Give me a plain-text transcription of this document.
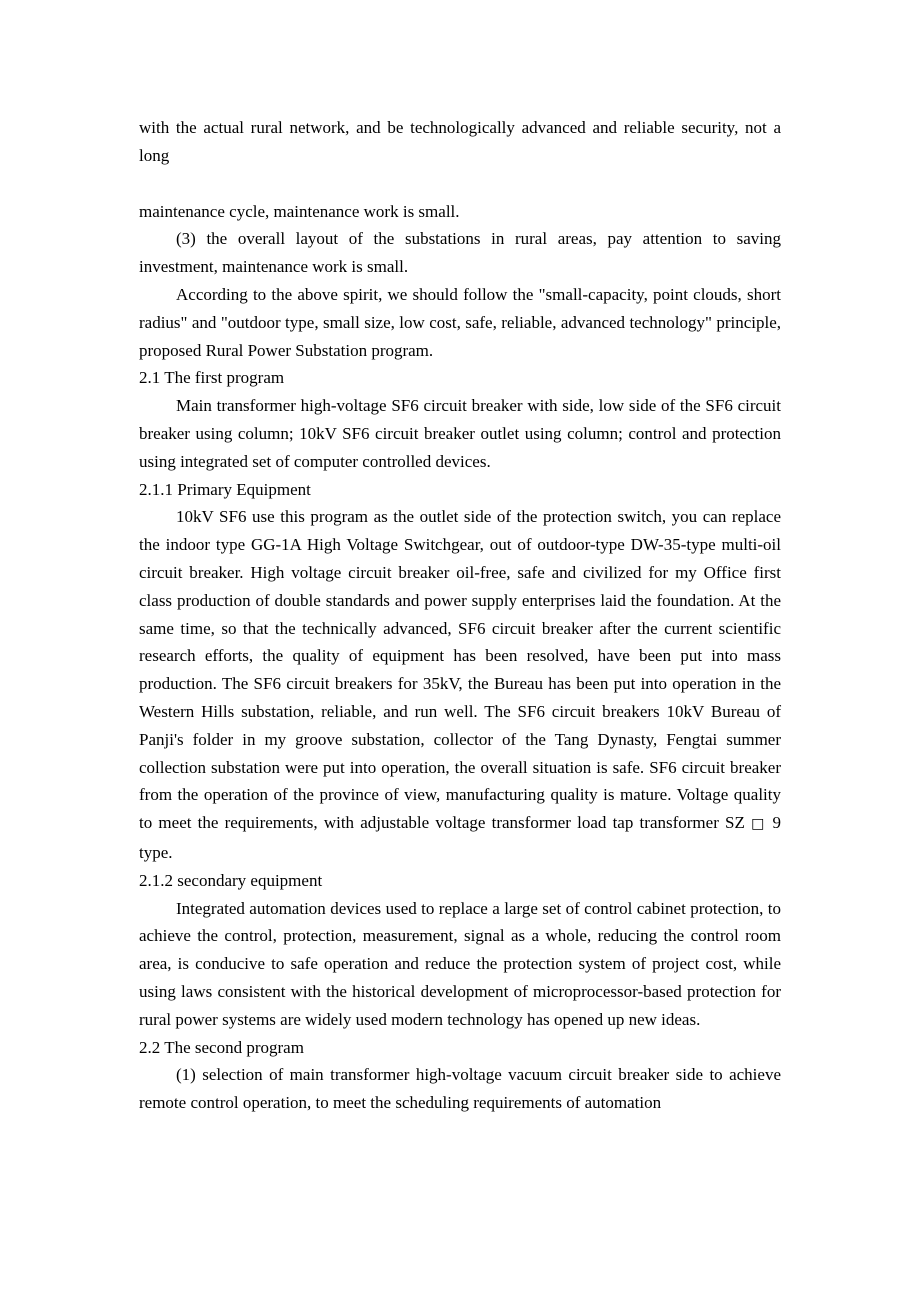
with the actual rural network, and be technologically advanced and reliable security, not a long

maintenance cycle, maintenance work is small.

(3) the overall layout of the substations in rural areas, pay attention to saving investment, maintenance work is small.

According to the above spirit, we should follow the "small-capacity, point clouds, short radius" and "outdoor type, small size, low cost, safe, reliable, advanced technology" principle, proposed Rural Power Substation program.

2.1 The first program

Main transformer high-voltage SF6 circuit breaker with side, low side of the SF6 circuit breaker using column; 10kV SF6 circuit breaker outlet using column; control and protection using integrated set of computer controlled devices.

2.1.1 Primary Equipment

10kV SF6 use this program as the outlet side of the protection switch, you can replace the indoor type GG-1A High Voltage Switchgear, out of outdoor-type DW-35-type multi-oil circuit breaker. High voltage circuit breaker oil-free, safe and civilized for my Office first class production of double standards and power supply enterprises laid the foundation. At the same time, so that the technically advanced, SF6 circuit breaker after the current scientific research efforts, the quality of equipment has been resolved, have been put into mass production. The SF6 circuit breakers for 35kV, the Bureau has been put into operation in the Western Hills substation, reliable, and run well. The SF6 circuit breakers 10kV Bureau of Panji's folder in my groove substation, collector of the Tang Dynasty, Fengtai summer collection substation were put into operation, the overall situation is safe. SF6 circuit breaker from the operation of the province of view, manufacturing quality is mature. Voltage quality to meet the requirements, with adjustable voltage transformer load tap transformer SZ □ 9 type.

2.1.2 secondary equipment

Integrated automation devices used to replace a large set of control cabinet protection, to achieve the control, protection, measurement, signal as a whole, reducing the control room area, is conducive to safe operation and reduce the protection system of project cost, while using laws consistent with the historical development of microprocessor-based protection for rural power systems are widely used modern technology has opened up new ideas.

2.2 The second program

(1) selection of main transformer high-voltage vacuum circuit breaker side to achieve remote control operation, to meet the scheduling requirements of automation
